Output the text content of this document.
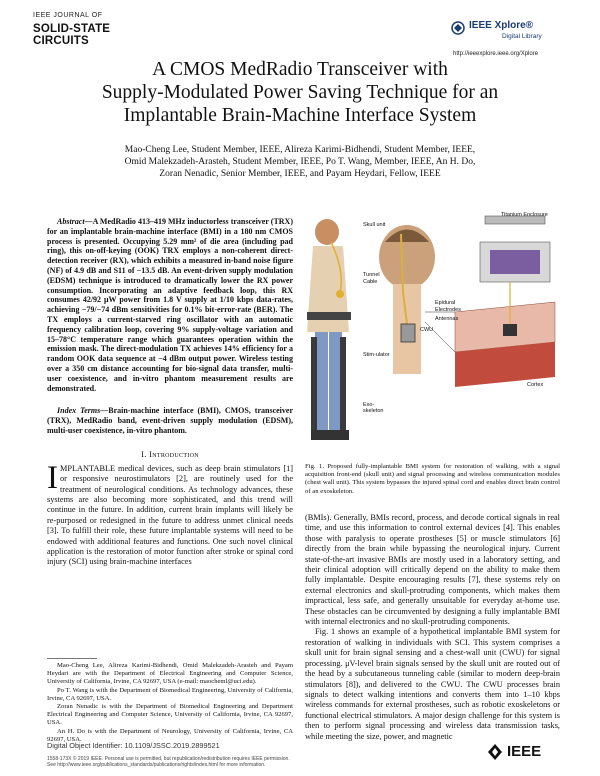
IEEE JOURNAL OF
SOLID-STATE
CIRCUITS
IEEE Xplore®
Digital Library
http://ieeexplore.ieee.org/Xplore
A CMOS MedRadio Transceiver with
Supply-Modulated Power Saving Technique for an
Implantable Brain-Machine Interface System
Mao-Cheng Lee, Student Member, IEEE, Alireza Karimi-Bidhendi, Student Member, IEEE,
Omid Malekzadeh-Arasteh, Student Member, IEEE, Po T. Wang, Member, IEEE, An H. Do,
Zoran Nenadic, Senior Member, IEEE, and Payam Heydari, Fellow, IEEE

Abstract—A MedRadio 413–419 MHz inductorless transceiver (TRX) for an implantable brain-machine interface (BMI) in a 180 nm CMOS process is presented. Occupying 5.29 mm² of die area (including pad ring), this on-off-keying (OOK) TRX employs a non-coherent direct-detection receiver (RX), which exhibits a measured in-band noise figure (NF) of 4.9 dB and S11 of −13.5 dB. An event-driven supply modulation (EDSM) technique is introduced to dramatically lower the RX power consumption. Incorporating an adaptive feedback loop, this RX consumes 42/92 μW power from 1.8 V supply at 1/10 kbps data-rates, achieving −79/−74 dBm sensitivities for 0.1% bit-error-rate (BER). The TX employs a current-starved ring oscillator with an automatic frequency calibration loop, covering 9% supply-voltage variation and 15–78°C temperature range which guarantees operation within the emission mask. The direct-modulation TX achieves 14% efficiency for a random OOK data sequence at −4 dBm output power. Wireless testing over a 350 cm distance accounting for bio-signal data transfer, multi-user coexistence, and in-vitro phantom measurement results are demonstrated.

Index Terms—Brain-machine interface (BMI), CMOS, transceiver (TRX), MedRadio band, event-driven supply modulation (EDSM), multi-user coexistence, in-vitro phantom.

I. Introduction

IMPLANTABLE medical devices, such as deep brain stimulators [1] or responsive neurostimulators [2], are routinely used for the treatment of neurological conditions. As technology advances, these systems are also becoming more sophisticated, and this trend will continue in the future. In addition, current brain implants will likely be re-purposed or redesigned in the future to address unmet clinical needs [3]. To fulfill their role, these future implantable systems will need to be endowed with additional features and functions. One such novel clinical application is the restoration of motor function after stroke or spinal cord injury (SCI) using brain-machine interfaces

Mao-Cheng Lee, Alireza Karimi-Bidhendi, Omid Malekzadeh-Arasteh and Payam Heydari are with the Department of Electrical Engineering and Computer Science, University of California, Irvine, CA 92697, USA (e-mail: maocheml@uci.edu).

Po T. Wang is with the Department of Biomedical Engineering, University of California, Irvine, CA 92697, USA.

Zoran Nenadic is with the Department of Biomedical Engineering and Department Electrical Engineering and Computer Science, University of California, Irvine, CA 92697, USA.

An H. Do is with the Department of Neurology, University of California, Irvine, CA 92697, USA.

Digital Object Identifier: 10.1109/JSSC.2019.2899521
1558-173X © 2019 IEEE. Personal use is permitted, but republication/redistribution requires IEEE permission.
See http://www.ieee.org/publications_standards/publications/rights/index.html for more information.
Titanium Enclosure
Epidural
Electrodes
Antennas
Skull unit
Tunnel
Cable
CWU
Stim-ulator
Exo-skeleton
Cortex
Fig. 1. Proposed fully-implantable BMI system for restoration of walking, with a signal acquisition front-end (skull unit) and signal processing and wireless communication modules (chest wall unit). This system bypasses the injured spinal cord and enables direct brain control of an exoskeleton.

(BMIs). Generally, BMIs record, process, and decode cortical signals in real time, and use this information to control external devices [4]. This enables those with paralysis to operate prostheses [5] or muscle stimulators [6] directly from the brain while bypassing the neurological injury. Current state-of-the-art invasive BMIs are mostly used in a laboratory setting, and their clinical adoption will critically depend on the ability to make them fully implantable. Despite encouraging results [7], these systems rely on external electronics and skull-protruding components, which makes them impractical, less safe, and generally unsuitable for everyday at-home use. These obstacles can be circumvented by designing a fully implantable BMI with internal electronics and no skull-protruding components.

Fig. 1 shows an example of a hypothetical implantable BMI system for restoration of walking in individuals with SCI. This system comprises a skull unit for brain signal sensing and a chest-wall unit (CWU) for signal processing. μV-level brain signals sensed by the skull unit are routed out of the head by a subcutaneous tunneling cable (similar to modern deep-brain stimulators [8]), and delivered to the CWU. The CWU processes brain signals to detect walking intentions and converts them into 1–10 kbps wireless commands for external prostheses, such as robotic exoskeletons or functional electrical stimulators. A major design challenge for this system is then to perform signal processing and wireless data transmission tasks, while meeting the size, power, and magnetic

IEEE
